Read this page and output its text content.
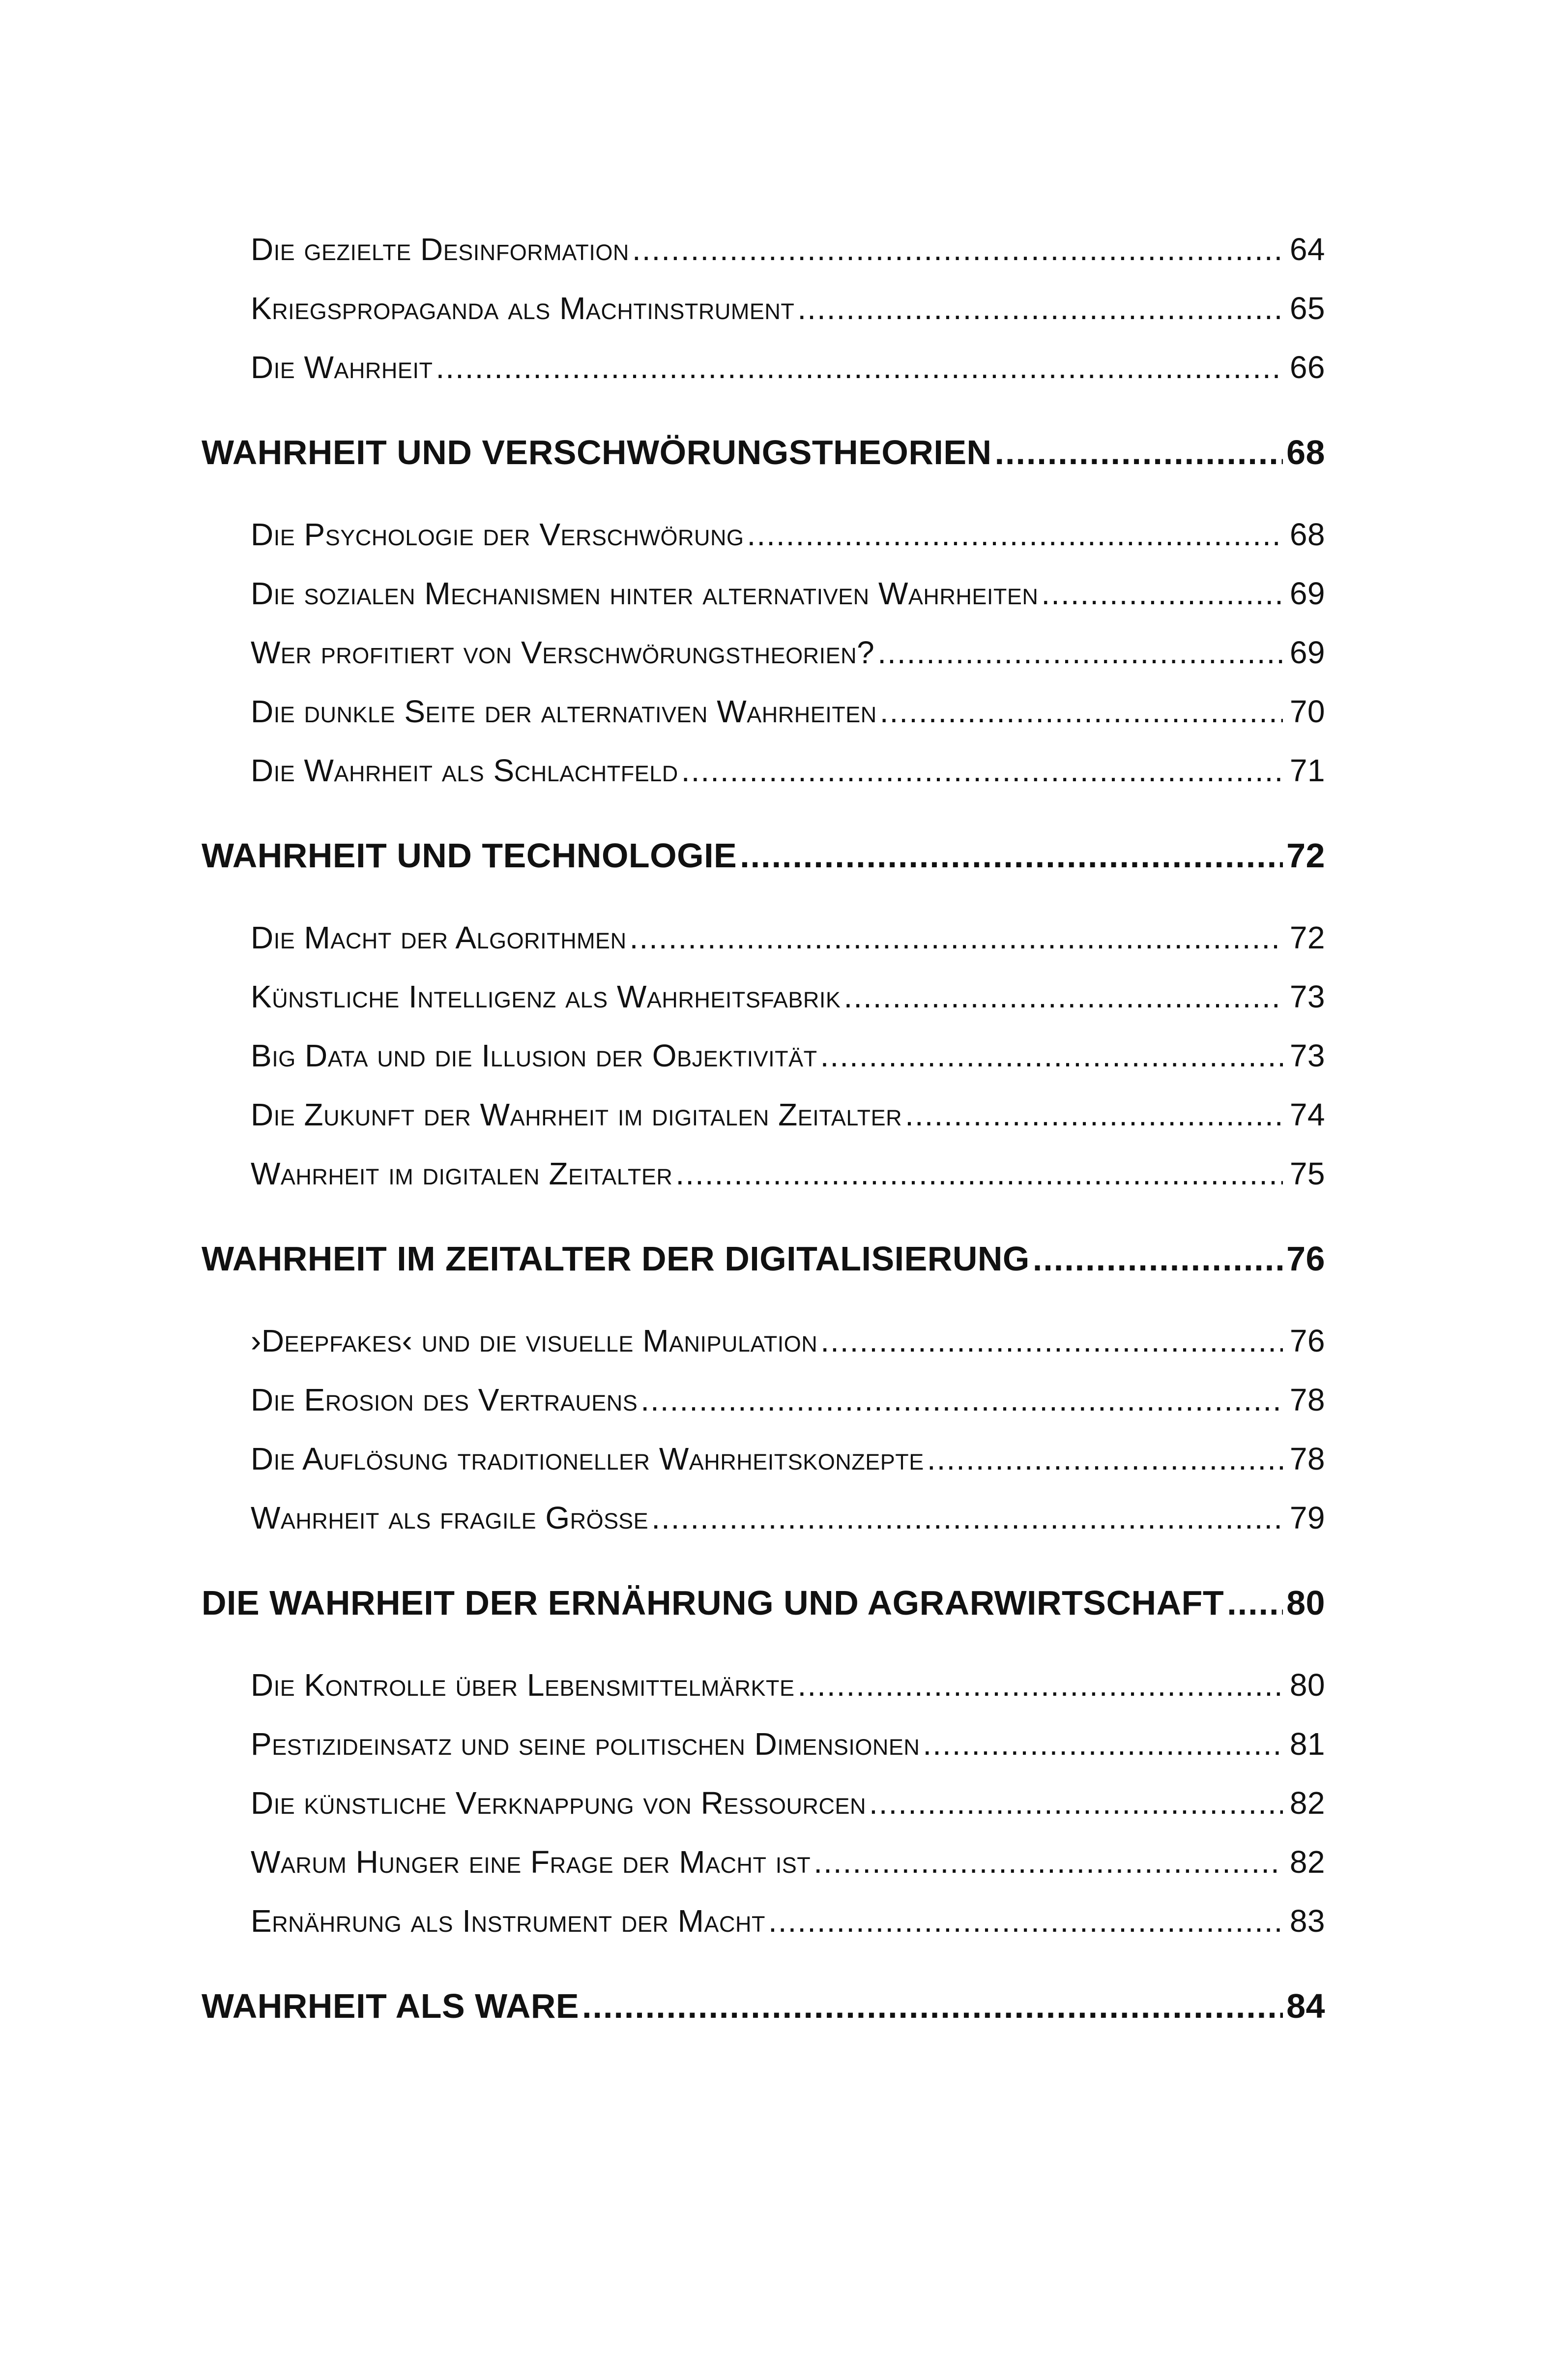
Die gezielte Desinformation .....	64
Kriegspropaganda als Machtinstrument .....	65
Die Wahrheit .....	66
WAHRHEIT UND VERSCHWÖRUNGSTHEORIEN .....	68
Die Psychologie der Verschwörung .....	68
Die sozialen Mechanismen hinter alternativen Wahrheiten .....	69
Wer profitiert von Verschwörungstheorien? .....	69
Die dunkle Seite der alternativen Wahrheiten .....	70
Die Wahrheit als Schlachtfeld .....	71
WAHRHEIT UND TECHNOLOGIE .....	72
Die Macht der Algorithmen .....	72
Künstliche Intelligenz als Wahrheitsfabrik .....	73
Big Data und die Illusion der Objektivität .....	73
Die Zukunft der Wahrheit im digitalen Zeitalter .....	74
Wahrheit im digitalen Zeitalter .....	75
WAHRHEIT IM ZEITALTER DER DIGITALISIERUNG .....	76
›Deepfakes‹ und die visuelle Manipulation .....	76
Die Erosion des Vertrauens .....	78
Die Auflösung traditioneller Wahrheitskonzepte .....	78
Wahrheit als fragile Größe .....	79
DIE WAHRHEIT DER ERNÄHRUNG UND AGRARWIRTSCHAFT ..... 80
Die Kontrolle über Lebensmittelmärkte .....	80
Pestizideinsatz und seine politischen Dimensionen .....	81
Die künstliche Verknappung von Ressourcen .....	82
Warum Hunger eine Frage der Macht ist .....	82
Ernährung als Instrument der Macht .....	83
WAHRHEIT ALS WARE .....	84
